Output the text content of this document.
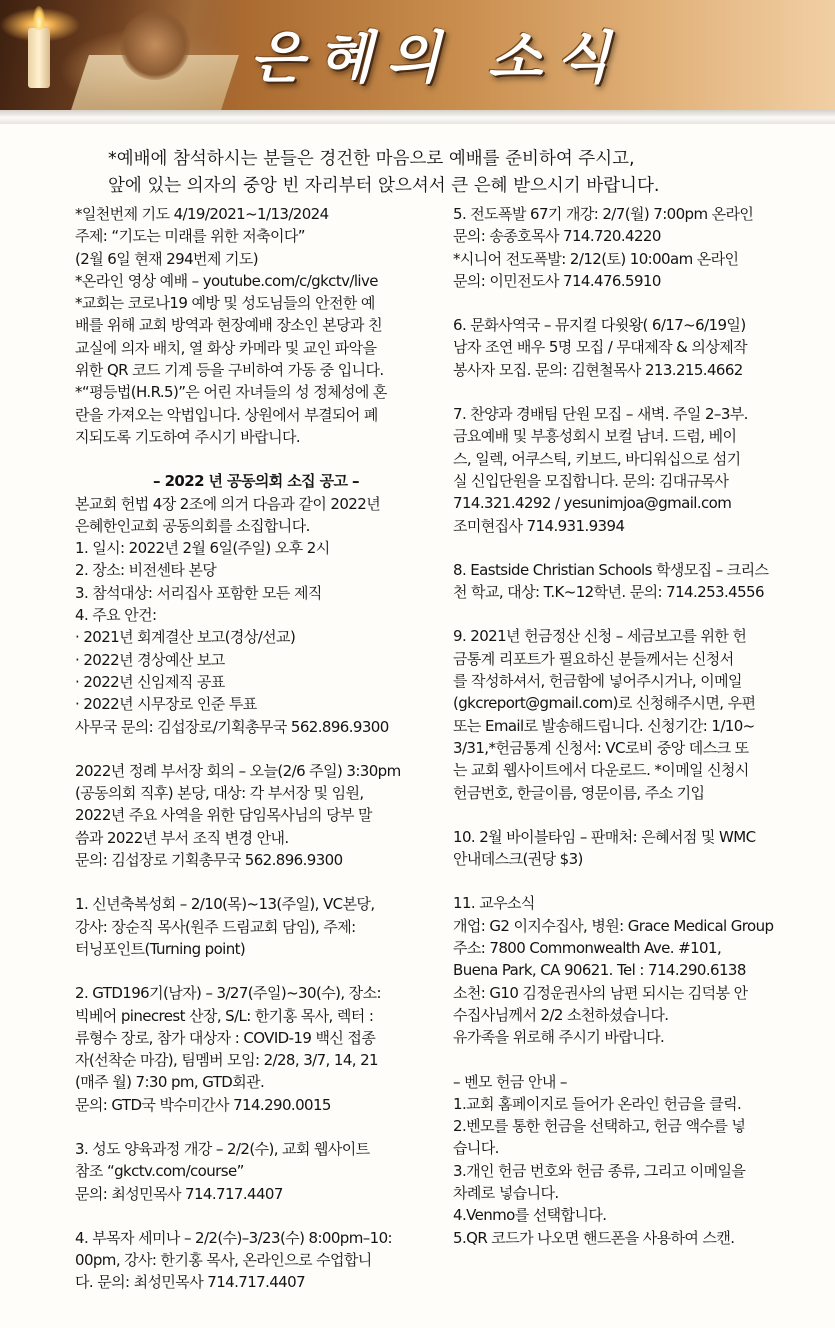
은혜의 소식

*예배에 참석하시는 분들은 경건한 마음으로 예배를 준비하여 주시고,

앞에 있는 의자의 중앙 빈 자리부터 앉으셔서 큰 은혜 받으시기 바랍니다.

*일천번제 기도 4/19/2021~1/13/2024

주제: “기도는 미래를 위한 저축이다”

(2월 6일 현재 294번제 기도)

*온라인 영상 예배 – youtube.com/c/gkctv/live

*교회는 코로나19 예방 및 성도님들의 안전한 예

배를 위해 교회 방역과 현장예배 장소인 본당과 친

교실에 의자 배치, 열 화상 카메라 및 교인 파악을

위한 QR 코드 기계 등을 구비하여 가동 중 입니다.

*“평등법(H.R.5)”은 어린 자녀들의 성 정체성에 혼

란을 가져오는 악법입니다. 상원에서 부결되어 폐

지되도록 기도하여 주시기 바랍니다.

– 2022 년 공동의회 소집 공고 –

본교회 헌법 4장 2조에 의거 다음과 같이 2022년

은혜한인교회 공동의회를 소집합니다.

1. 일시: 2022년 2월 6일(주일) 오후 2시

2. 장소: 비전센타 본당

3. 참석대상: 서리집사 포함한 모든 제직

4. 주요 안건:

· 2021년 회계결산 보고(경상/선교)

· 2022년 경상예산 보고

· 2022년 신임제직 공표

· 2022년 시무장로 인준 투표

사무국 문의: 김섭장로/기획총무국 562.896.9300

2022년 정례 부서장 회의 – 오늘(2/6 주일) 3:30pm

(공동의회 직후) 본당, 대상: 각 부서장 및 임원,

2022년 주요 사역을 위한 담임목사님의 당부 말

씀과 2022년 부서 조직 변경 안내.

문의: 김섭장로 기획총무국 562.896.9300

1. 신년축복성회 – 2/10(목)~13(주일), VC본당,

강사: 장순직 목사(원주 드림교회 담임), 주제:

터닝포인트(Turning point)

2. GTD196기(남자) – 3/27(주일)~30(수), 장소:

빅베어 pinecrest 산장, S/L: 한기홍 목사, 렉터 :

류형수 장로, 참가 대상자 : COVID-19 백신 접종

자(선착순 마감), 팀멤버 모임: 2/28, 3/7, 14, 21

(매주 월) 7:30 pm, GTD회관.

문의: GTD국 박수미간사 714.290.0015

3. 성도 양육과정 개강 – 2/2(수), 교회 웹사이트

참조 “gkctv.com/course”

문의: 최성민목사 714.717.4407

4. 부목자 세미나 – 2/2(수)–3/23(수) 8:00pm–10:

00pm, 강사: 한기홍 목사, 온라인으로 수업합니

다. 문의: 최성민목사 714.717.4407

5. 전도폭발 67기 개강: 2/7(월) 7:00pm 온라인

문의: 송종호목사 714.720.4220

*시니어 전도폭발: 2/12(토) 10:00am 온라인

문의: 이민전도사 714.476.5910

6. 문화사역국 – 뮤지컬 다윗왕( 6/17~6/19일)

남자 조연 배우 5명 모집 / 무대제작 & 의상제작

봉사자 모집. 문의: 김현철목사 213.215.4662

7. 찬양과 경배팀 단원 모집 – 새벽. 주일 2–3부.

금요예배 및 부흥성회시 보컬 남녀. 드럼, 베이

스, 일렉, 어쿠스틱, 키보드, 바디워십으로 섬기

실 신입단원을 모집합니다. 문의: 김대규목사

714.321.4292 / yesunimjoa@gmail.com

조미현집사 714.931.9394

8. Eastside Christian Schools 학생모집 – 크리스

천 학교, 대상: T.K~12학년. 문의: 714.253.4556

9. 2021년 헌금정산 신청 – 세금보고를 위한 헌

금통계 리포트가 필요하신 분들께서는 신청서

를 작성하셔서, 헌금함에 넣어주시거나, 이메일

(gkcreport@gmail.com)로 신청해주시면, 우편

또는 Email로 발송해드립니다. 신청기간: 1/10~

3/31,*헌금통계 신청서: VC로비 중앙 데스크 또

는 교회 웹사이트에서 다운로드. *이메일 신청시

헌금번호, 한글이름, 영문이름, 주소 기입

10. 2월 바이블타임 – 판매처: 은혜서점 및 WMC

안내데스크(권당 $3)

11. 교우소식

개업: G2 이지수집사, 병원: Grace Medical Group

주소: 7800 Commonwealth Ave. #101,

Buena Park, CA 90621. Tel : 714.290.6138

소천: G10 김정운권사의 남편 되시는 김덕봉 안

수집사님께서 2/2 소천하셨습니다.

유가족을 위로해 주시기 바랍니다.

– 벤모 헌금 안내 –

1.교회 홈페이지로 들어가 온라인 헌금을 클릭.

2.벤모를 통한 헌금을 선택하고, 헌금 액수를 넣

습니다.

3.개인 헌금 번호와 헌금 종류, 그리고 이메일을

차례로 넣습니다.

4.Venmo를 선택합니다.

5.QR 코드가 나오면 핸드폰을 사용하여 스캔.
